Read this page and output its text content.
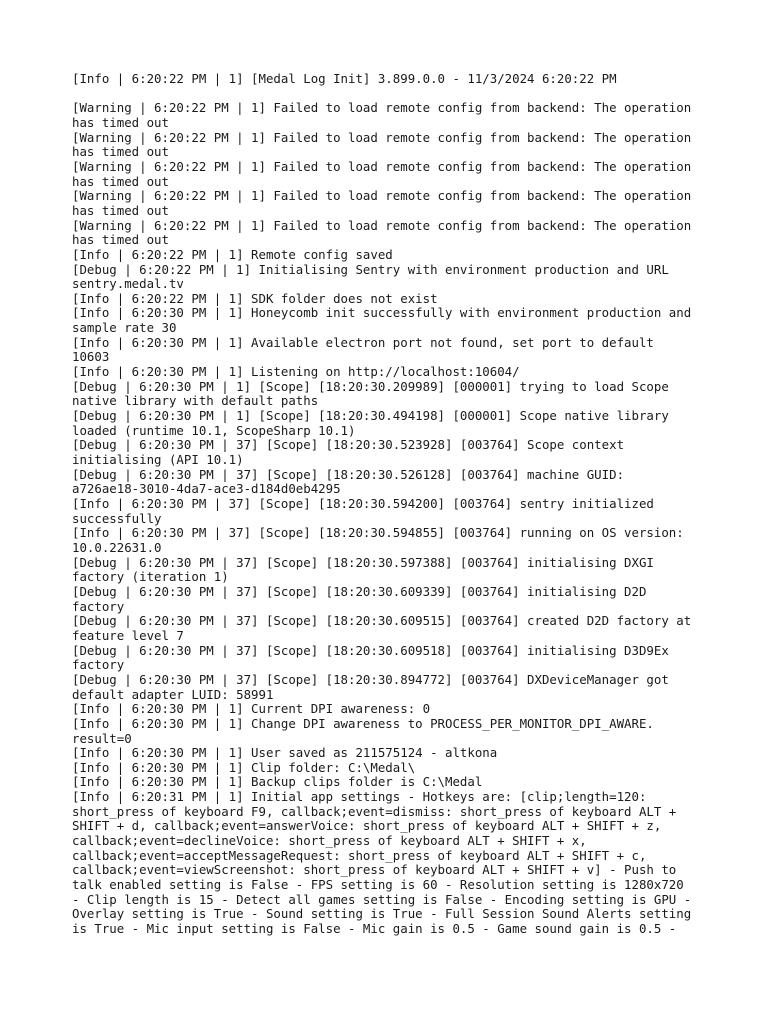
[Info | 6:20:22 PM | 1] [Medal Log Init] 3.899.0.0 - 11/3/2024 6:20:22 PM

[Warning | 6:20:22 PM | 1] Failed to load remote config from backend: The operation
has timed out

[Warning | 6:20:22 PM | 1] Failed to load remote config from backend: The operation
has timed out

[Warning | 6:20:22 PM | 1] Failed to load remote config from backend: The operation
has timed out

[Warning | 6:20:22 PM | 1] Failed to load remote config from backend: The operation
has timed out

[Warning | 6:20:22 PM | 1] Failed to load remote config from backend: The operation
has timed out

[Info | 6:20:22 PM | 1] Remote config saved

[Debug | 6:20:22 PM | 1] Initialising Sentry with environment production and URL
sentry.medal.tv

[Info | 6:20:22 PM | 1] SDK folder does not exist

[Info | 6:20:30 PM | 1] Honeycomb init successfully with environment production and
sample rate 30

[Info | 6:20:30 PM | 1] Available electron port not found, set port to default
10603

[Info | 6:20:30 PM | 1] Listening on http://localhost:10604/

[Debug | 6:20:30 PM | 1] [Scope] [18:20:30.209989] [000001] trying to load Scope
native library with default paths

[Debug | 6:20:30 PM | 1] [Scope] [18:20:30.494198] [000001] Scope native library
loaded (runtime 10.1, ScopeSharp 10.1)

[Debug | 6:20:30 PM | 37] [Scope] [18:20:30.523928] [003764] Scope context
initialising (API 10.1)

[Debug | 6:20:30 PM | 37] [Scope] [18:20:30.526128] [003764] machine GUID:
a726ae18-3010-4da7-ace3-d184d0eb4295

[Info | 6:20:30 PM | 37] [Scope] [18:20:30.594200] [003764] sentry initialized
successfully

[Info | 6:20:30 PM | 37] [Scope] [18:20:30.594855] [003764] running on OS version:
10.0.22631.0

[Debug | 6:20:30 PM | 37] [Scope] [18:20:30.597388] [003764] initialising DXGI
factory (iteration 1)

[Debug | 6:20:30 PM | 37] [Scope] [18:20:30.609339] [003764] initialising D2D
factory

[Debug | 6:20:30 PM | 37] [Scope] [18:20:30.609515] [003764] created D2D factory at
feature level 7

[Debug | 6:20:30 PM | 37] [Scope] [18:20:30.609518] [003764] initialising D3D9Ex
factory

[Debug | 6:20:30 PM | 37] [Scope] [18:20:30.894772] [003764] DXDeviceManager got
default adapter LUID: 58991

[Info | 6:20:30 PM | 1] Current DPI awareness: 0

[Info | 6:20:30 PM | 1] Change DPI awareness to PROCESS_PER_MONITOR_DPI_AWARE.
result=0

[Info | 6:20:30 PM | 1] User saved as 211575124 - altkona

[Info | 6:20:30 PM | 1] Clip folder: C:\Medal\

[Info | 6:20:30 PM | 1] Backup clips folder is C:\Medal

[Info | 6:20:31 PM | 1] Initial app settings - Hotkeys are: [clip;length=120:
short_press of keyboard F9, callback;event=dismiss: short_press of keyboard ALT +
SHIFT + d, callback;event=answerVoice: short_press of keyboard ALT + SHIFT + z,
callback;event=declineVoice: short_press of keyboard ALT + SHIFT + x,
callback;event=acceptMessageRequest: short_press of keyboard ALT + SHIFT + c,
callback;event=viewScreenshot: short_press of keyboard ALT + SHIFT + v] - Push to
talk enabled setting is False - FPS setting is 60 - Resolution setting is 1280x720
- Clip length is 15 - Detect all games setting is False - Encoding setting is GPU -
Overlay setting is True - Sound setting is True - Full Session Sound Alerts setting
is True - Mic input setting is False - Mic gain is 0.5 - Game sound gain is 0.5 -
